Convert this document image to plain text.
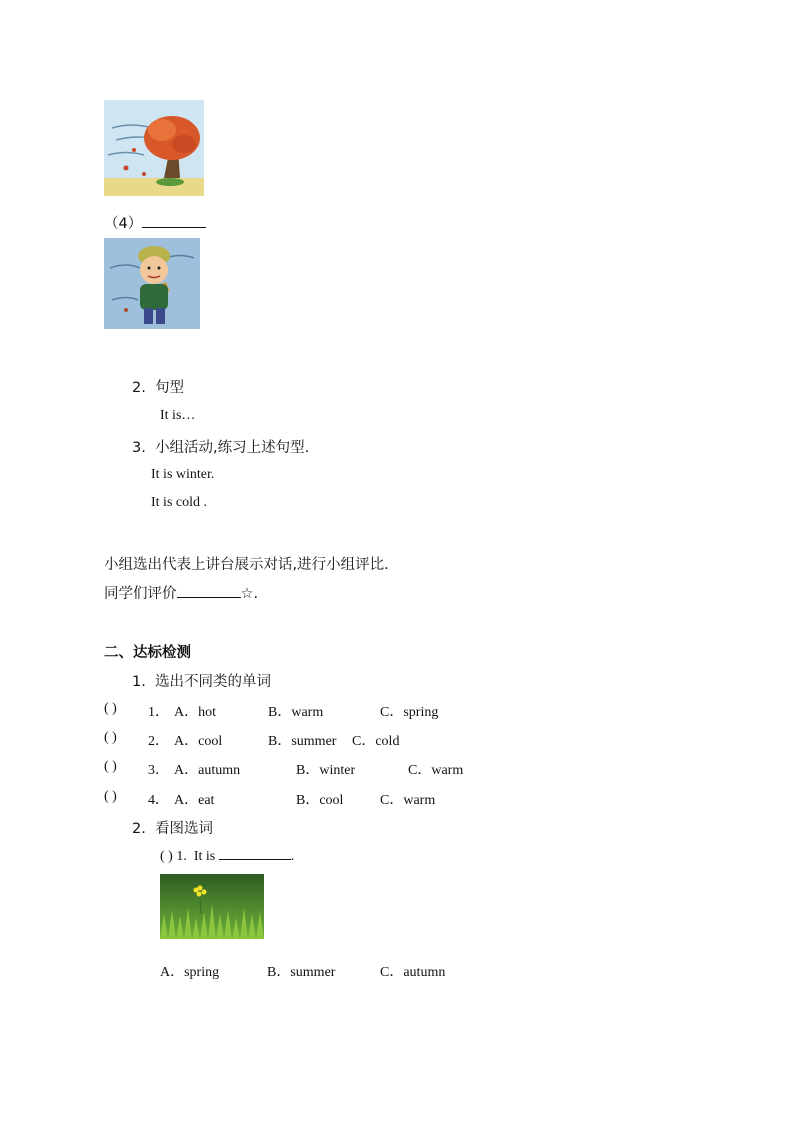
（4）
2. 句型
It is…
3. 小组活动,练习上述句型.
It is winter.
It is cold .
小组选出代表上讲台展示对话,进行小组评比.
同学们评价	☆.
二、达标检测
1. 选出不同类的单词
( ) 1． A．hot	B．warm	C．spring
( ) 2． A．cool	B．summer C．cold
( ) 3． A．autumn	B．winter	C．warm
( ) 4． A．eat	B．cool	C．warm
2. 看图选词
( ) 1. It is	.
A．spring	B．summer	C．autumn
